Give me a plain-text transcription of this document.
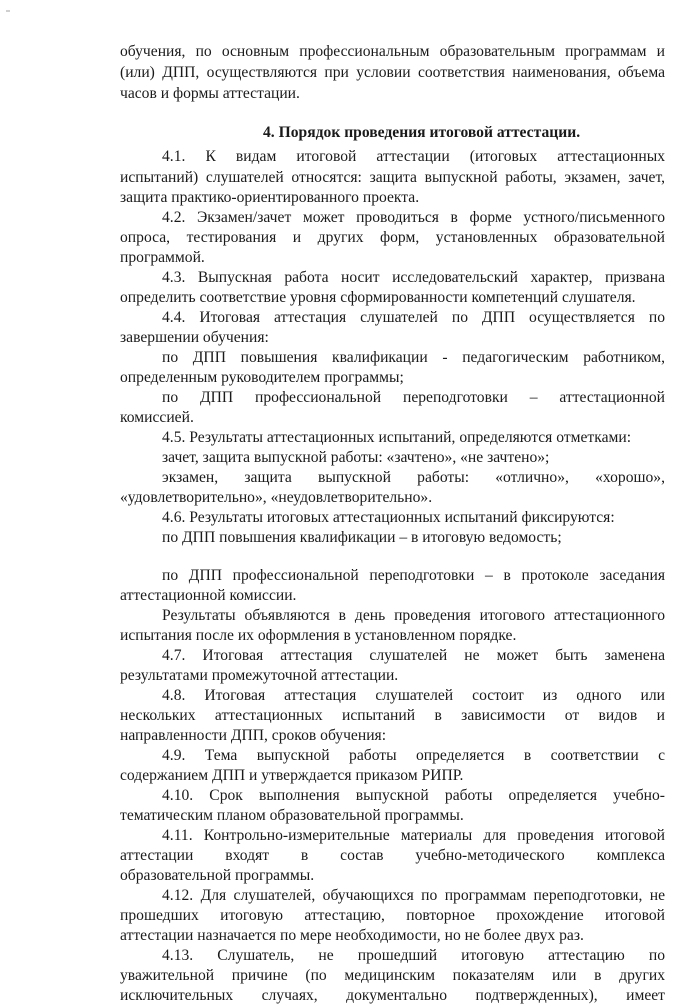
обучения, по основным профессиональным образовательным программам и
(или) ДПП, осуществляются при условии соответствия наименования, объема
часов и формы аттестации.
4. Порядок проведения итоговой аттестации.
4.1. К видам итоговой аттестации (итоговых аттестационных
испытаний) слушателей относятся: защита выпускной работы, экзамен, зачет,
защита практико-ориентированного проекта.
4.2. Экзамен/зачет может проводиться в форме устного/письменного
опроса, тестирования и других форм, установленных образовательной
программой.
4.3. Выпускная работа носит исследовательский характер, призвана
определить соответствие уровня сформированности компетенций слушателя.
4.4. Итоговая аттестация слушателей по ДПП осуществляется по
завершении обучения:
по ДПП повышения квалификации - педагогическим работником,
определенным руководителем программы;
по ДПП профессиональной переподготовки – аттестационной
комиссией.
4.5. Результаты аттестационных испытаний, определяются отметками:
зачет, защита выпускной работы: «зачтено», «не зачтено»;
экзамен, защита выпускной работы: «отлично», «хорошо»,
«удовлетворительно», «неудовлетворительно».
4.6. Результаты итоговых аттестационных испытаний фиксируются:
по ДПП повышения квалификации – в итоговую ведомость;
по ДПП профессиональной переподготовки – в протоколе заседания
аттестационной комиссии.
Результаты объявляются в день проведения итогового аттестационного
испытания после их оформления в установленном порядке.
4.7. Итоговая аттестация слушателей не может быть заменена
результатами промежуточной аттестации.
4.8. Итоговая аттестация слушателей состоит из одного или
нескольких аттестационных испытаний в зависимости от видов и
направленности ДПП, сроков обучения:
4.9. Тема выпускной работы определяется в соответствии с
содержанием ДПП и утверждается приказом РИПР.
4.10. Срок выполнения выпускной работы определяется учебно-
тематическим планом образовательной программы.
4.11. Контрольно-измерительные материалы для проведения итоговой
аттестации входят в состав учебно-методического комплекса
образовательной программы.
4.12. Для слушателей, обучающихся по программам переподготовки, не
прошедших итоговую аттестацию, повторное прохождение итоговой
аттестации назначается по мере необходимости, но не более двух раз.
4.13. Слушатель, не прошедший итоговую аттестацию по
уважительной причине (по медицинским показателям или в других
исключительных случаях, документально подтвержденных), имеет
